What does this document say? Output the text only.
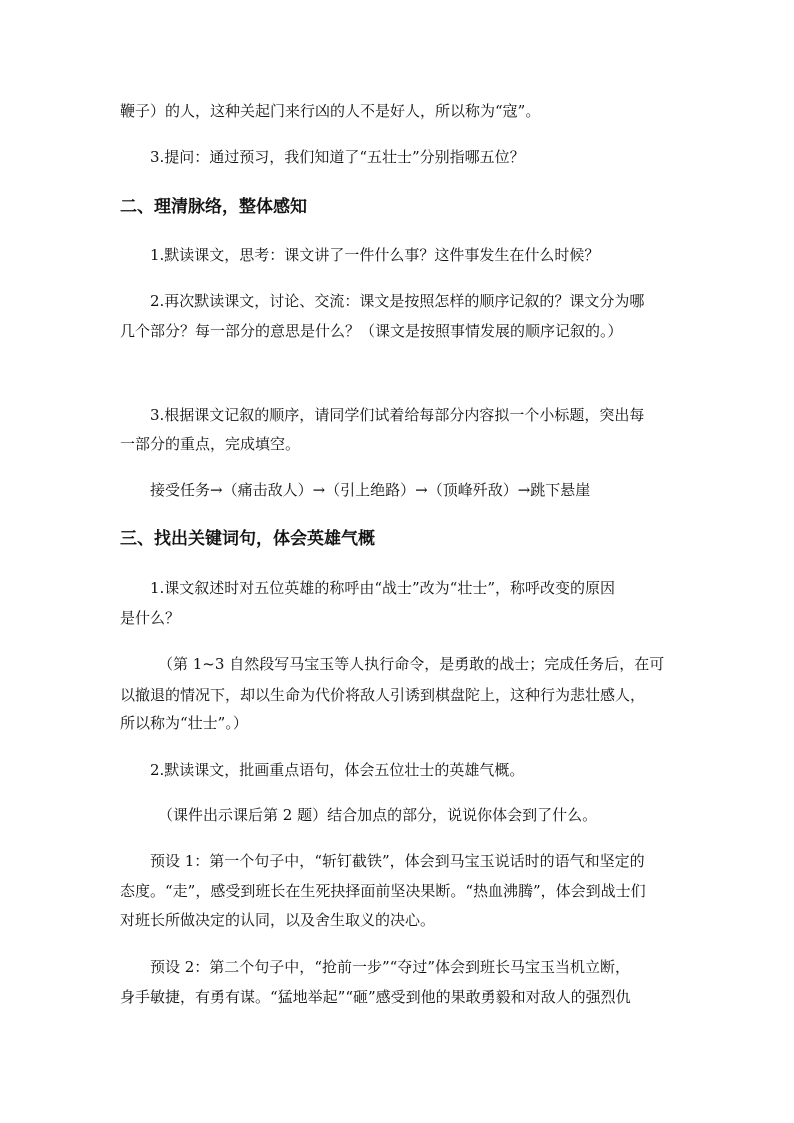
鞭子）的人，这种关起门来行凶的人不是好人，所以称为“寇”。
3.提问：通过预习，我们知道了“五壮士”分别指哪五位？
二、理清脉络，整体感知
1.默读课文，思考：课文讲了一件什么事？这件事发生在什么时候？
2.再次默读课文，讨论、交流：课文是按照怎样的顺序记叙的？课文分为哪
几个部分？每一部分的意思是什么？（课文是按照事情发展的顺序记叙的。）
3.根据课文记叙的顺序，请同学们试着给每部分内容拟一个小标题，突出每
一部分的重点，完成填空。
接受任务→（痛击敌人）→（引上绝路）→（顶峰歼敌）→跳下悬崖
三、找出关键词句，体会英雄气概
1.课文叙述时对五位英雄的称呼由“战士”改为“壮士”，称呼改变的原因
是什么？
（第 1~3 自然段写马宝玉等人执行命令，是勇敢的战士；完成任务后，在可
以撤退的情况下，却以生命为代价将敌人引诱到棋盘陀上，这种行为悲壮感人，
所以称为“壮士”。）
2.默读课文，批画重点语句，体会五位壮士的英雄气概。
（课件出示课后第 2 题）结合加点的部分，说说你体会到了什么。
预设 1：第一个句子中，“斩钉截铁”，体会到马宝玉说话时的语气和坚定的
态度。“走”，感受到班长在生死抉择面前坚决果断。“热血沸腾”，体会到战士们
对班长所做决定的认同，以及舍生取义的决心。
预设 2：第二个句子中，“抢前一步”“夺过”体会到班长马宝玉当机立断，
身手敏捷，有勇有谋。“猛地举起”“砸”感受到他的果敢勇毅和对敌人的强烈仇
